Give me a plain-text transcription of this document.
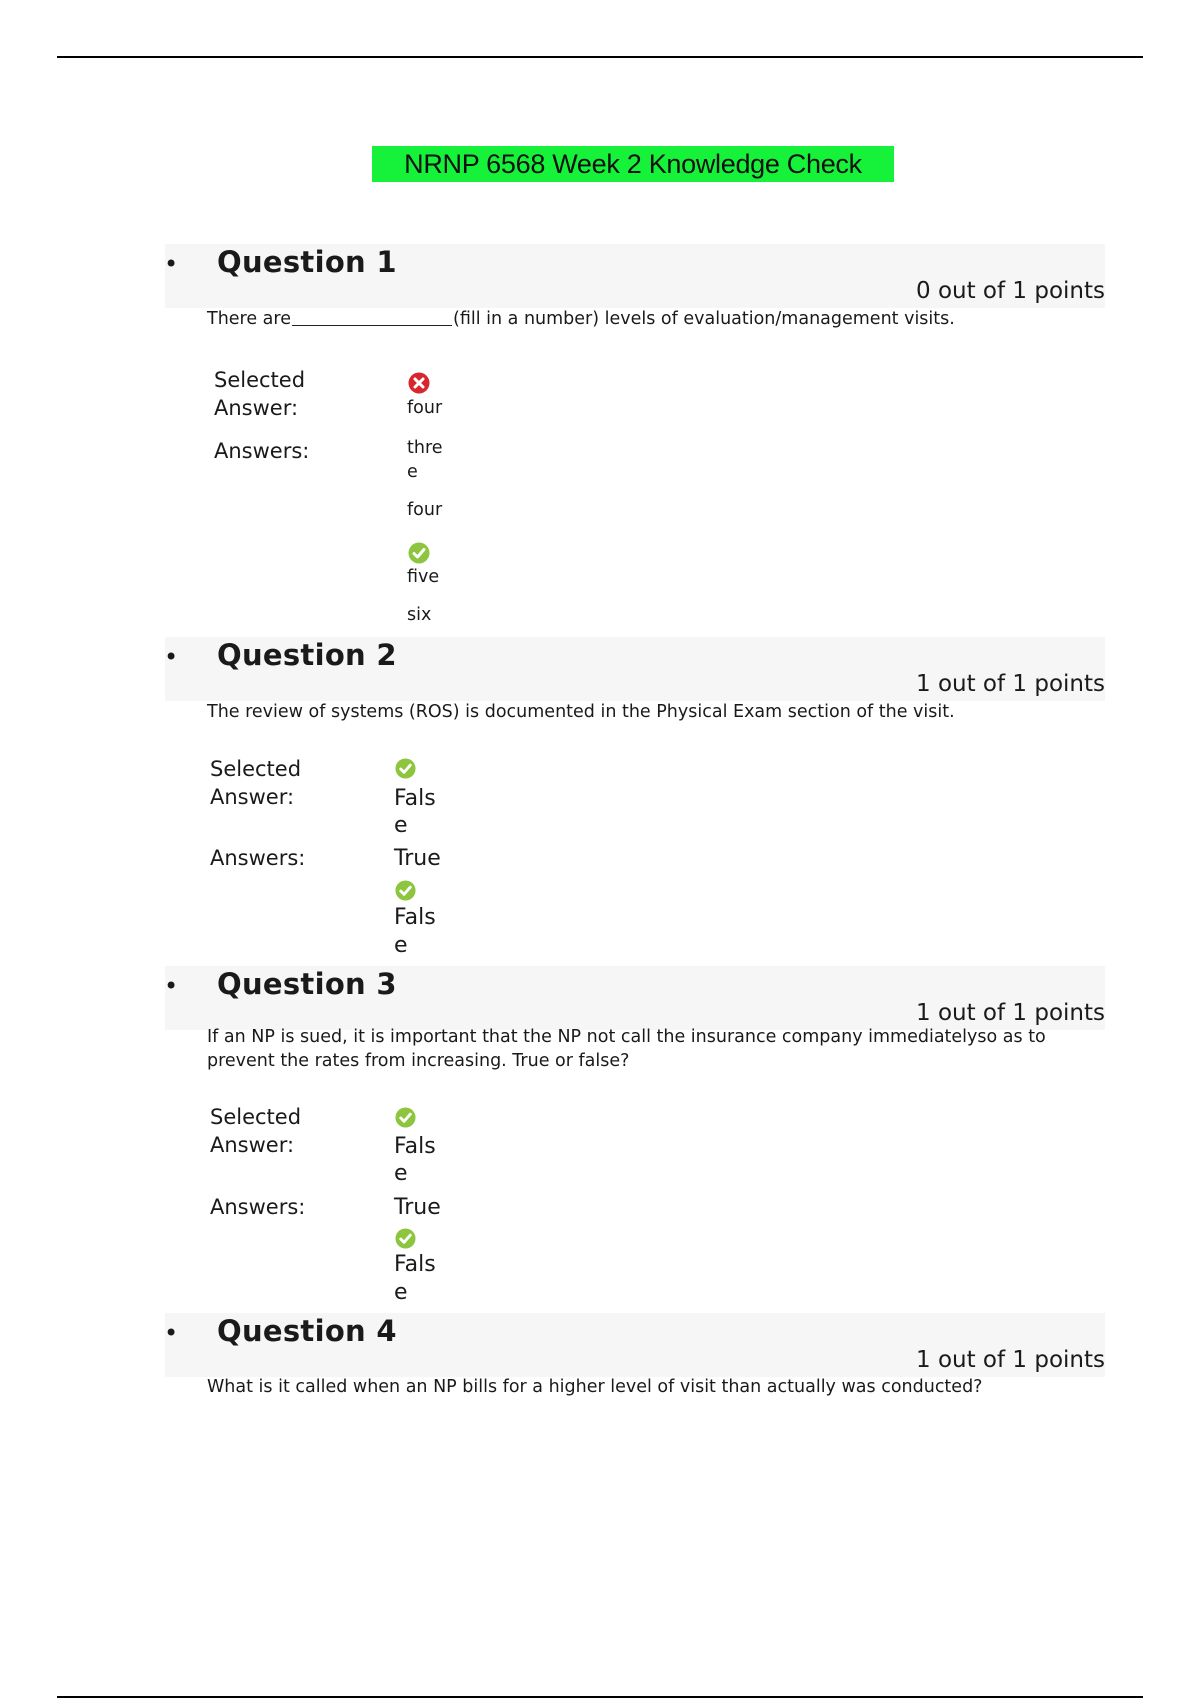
NRNP 6568 Week 2 Knowledge Check
• Question 1
0 out of 1 points
There are	(fill in a number) levels of evaluation/management visits.
Selected
Answer:
Answers:
four
thre
e
four
five
six
• Question 2
1 out of 1 points
The review of systems (ROS) is documented in the Physical Exam section of the visit.
Selected
Answer:
Answers:
Fals
e
True
Fals
e
• Question 3
1 out of 1 points
If an NP is sued, it is important that the NP not call the insurance company immediatelyso as to
prevent the rates from increasing. True or false?
Selected
Answer:
Answers:
Fals
e
True
Fals
e
• Question 4
1 out of 1 points
What is it called when an NP bills for a higher level of visit than actually was conducted?
